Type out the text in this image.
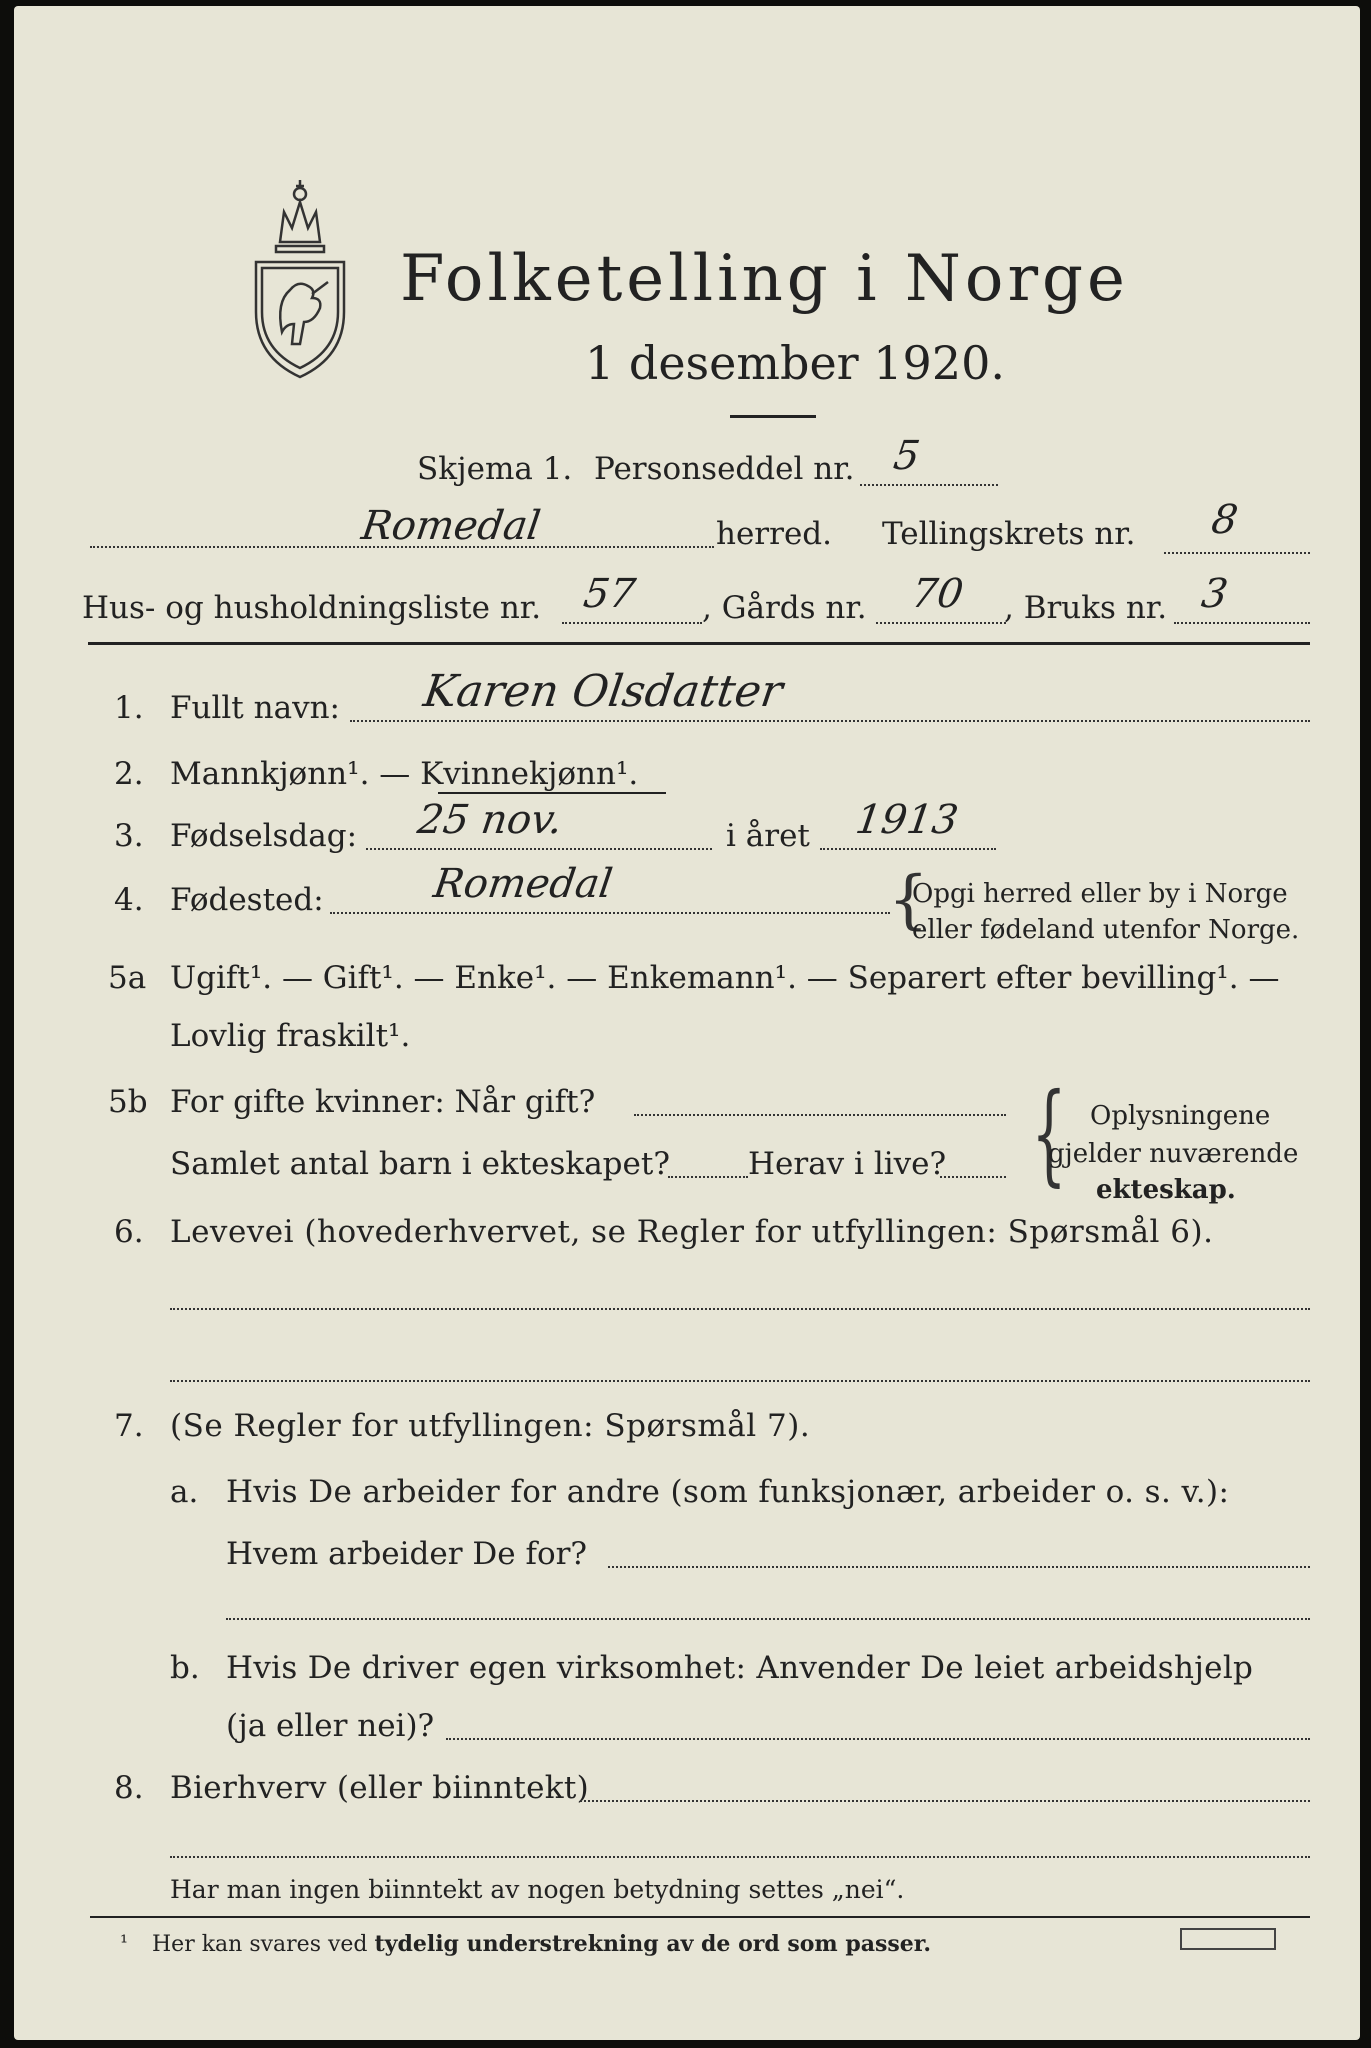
Folketelling i Norge
1 desember 1920.
Skjema 1. Personseddel nr. 5
Romedal	herred. Tellingskrets nr. 8
Hus- og husholdningsliste nr. 57 , Gårds nr. 70 , Bruks nr. 3
1. Fullt navn: Karen Olsdatter
2. Mannkjønn¹. — Kvinnekjønn¹.
3. Fødselsdag: 25 nov.	i året 1913
4. Fødested:	Romedal	{
Opgi herred eller by i Norge
eller fødeland utenfor Norge.
5a Ugift¹. — Gift¹. — Enke¹. — Enkemann¹. — Separert efter bevilling¹. —
Lovlig fraskilt¹.
5b For gifte kvinner: Når gift?
Samlet antal barn i ekteskapet?	Herav i live? { Oplysningene
gjelder nuværende
ekteskap.
6. Levevei (hovederhvervet, se Regler for utfyllingen: Spørsmål 6).
7. (Se Regler for utfyllingen: Spørsmål 7).
a. Hvis De arbeider for andre (som funksjonær, arbeider o. s. v.):
Hvem arbeider De for?
b. Hvis De driver egen virksomhet: Anvender De leiet arbeidshjelp
(ja eller nei)?
8. Bierhverv (eller biinntekt)
Har man ingen biinntekt av nogen betydning settes „nei“.
¹ Her kan svares ved tydelig understrekning av de ord som passer.
